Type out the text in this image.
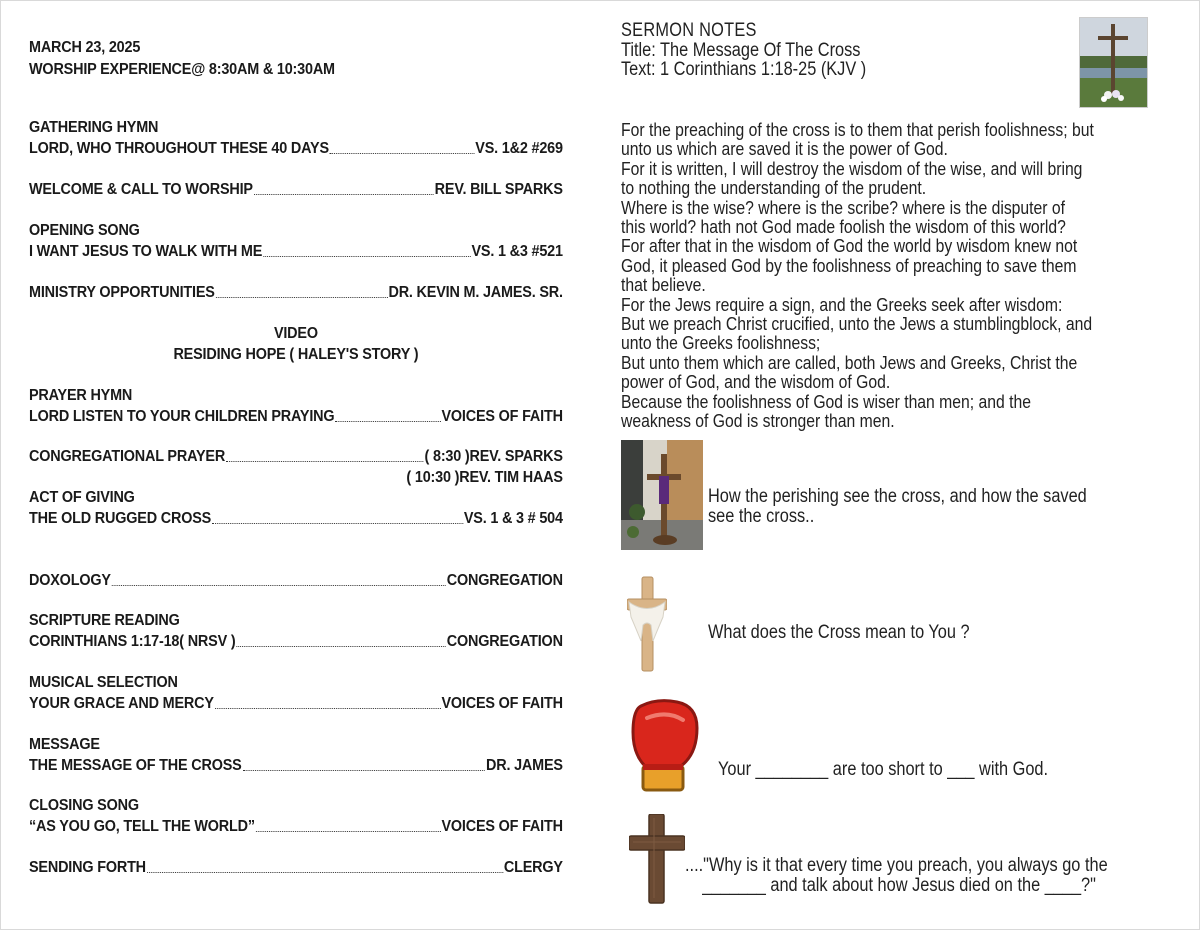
MARCH 23, 2025
WORSHIP EXPERIENCE@ 8:30AM & 10:30AM
GATHERING HYMN
LORD, WHO THROUGHOUT THESE 40 DAYS	VS. 1&2 #269
WELCOME & CALL TO WORSHIP	REV. BILL SPARKS
OPENING SONG
I WANT JESUS TO WALK WITH ME	VS. 1 &3 #521
MINISTRY OPPORTUNITIES	DR. KEVIN M. JAMES. SR.
VIDEO
RESIDING HOPE ( HALEY'S STORY )
PRAYER HYMN
LORD LISTEN TO YOUR CHILDREN PRAYING	VOICES OF FAITH
CONGREGATIONAL PRAYER	( 8:30 )REV. SPARKS
( 10:30 )REV. TIM HAAS
ACT OF GIVING
THE OLD RUGGED CROSS	VS. 1 & 3 # 504
DOXOLOGY	CONGREGATION
SCRIPTURE READING
CORINTHIANS 1:17-18( NRSV )	CONGREGATION
MUSICAL SELECTION
YOUR GRACE AND MERCY	VOICES OF FAITH
MESSAGE
THE MESSAGE OF THE CROSS	DR. JAMES
CLOSING SONG
“AS YOU GO, TELL THE WORLD”	VOICES OF FAITH
SENDING FORTH	CLERGY
SERMON NOTES
Title: The Message Of The Cross
Text: 1 Corinthians 1:18-25 (KJV )
For the preaching of the cross is to them that perish foolishness; but
unto us which are saved it is the power of God.
For it is written, I will destroy the wisdom of the wise, and will bring
to nothing the understanding of the prudent.
Where is the wise? where is the scribe? where is the disputer of
this world? hath not God made foolish the wisdom of this world?
For after that in the wisdom of God the world by wisdom knew not
God, it pleased God by the foolishness of preaching to save them
that believe.
For the Jews require a sign, and the Greeks seek after wisdom:
But we preach Christ crucified, unto the Jews a stumblingblock, and
unto the Greeks foolishness;
But unto them which are called, both Jews and Greeks, Christ the
power of God, and the wisdom of God.
Because the foolishness of God is wiser than men; and the
weakness of God is stronger than men.
How the perishing see the cross, and how the saved
see the cross..
What does the Cross mean to You ?
Your ________ are too short to ___ with God.
...."Why is it that every time you preach, you always go the
_______ and talk about how Jesus died on the ____?"
